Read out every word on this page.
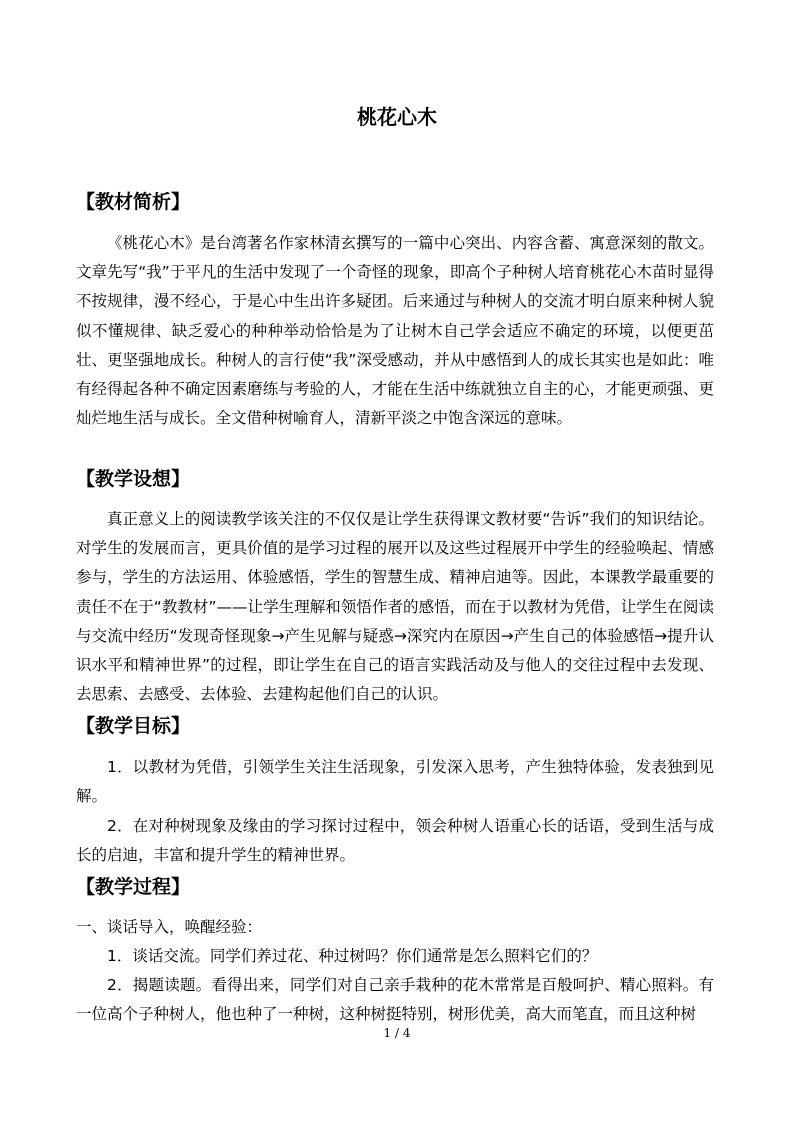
桃花心木
【教材简析】
《桃花心木》是台湾著名作家林清玄撰写的一篇中心突出、内容含蓄、寓意深刻的散文。文章先写“我”于平凡的生活中发现了一个奇怪的现象，即高个子种树人培育桃花心木苗时显得不按规律，漫不经心，于是心中生出许多疑团。后来通过与种树人的交流才明白原来种树人貌似不懂规律、缺乏爱心的种种举动恰恰是为了让树木自己学会适应不确定的环境，以便更茁壮、更坚强地成长。种树人的言行使“我”深受感动，并从中感悟到人的成长其实也是如此：唯有经得起各种不确定因素磨练与考验的人，才能在生活中练就独立自主的心，才能更顽强、更灿烂地生活与成长。全文借种树喻育人，清新平淡之中饱含深远的意味。
【教学设想】
真正意义上的阅读教学该关注的不仅仅是让学生获得课文教材要“告诉”我们的知识结论。对学生的发展而言，更具价值的是学习过程的展开以及这些过程展开中学生的经验唤起、情感参与，学生的方法运用、体验感悟，学生的智慧生成、精神启迪等。因此，本课教学最重要的责任不在于“教教材”——让学生理解和领悟作者的感悟，而在于以教材为凭借，让学生在阅读与交流中经历“发现奇怪现象→产生见解与疑惑→深究内在原因→产生自己的体验感悟→提升认识水平和精神世界”的过程，即让学生在自己的语言实践活动及与他人的交往过程中去发现、去思索、去感受、去体验、去建构起他们自己的认识。
【教学目标】
1．以教材为凭借，引领学生关注生活现象，引发深入思考，产生独特体验，发表独到见解。
2．在对种树现象及缘由的学习探讨过程中，领会种树人语重心长的话语，受到生活与成长的启迪，丰富和提升学生的精神世界。
【教学过程】
一、谈话导入，唤醒经验：
1．谈话交流。同学们养过花、种过树吗？你们通常是怎么照料它们的？
2．揭题读题。看得出来，同学们对自己亲手栽种的花木常常是百般呵护、精心照料。有一位高个子种树人，他也种了一种树，这种树挺特别，树形优美，高大而笔直，而且这种树
1 / 4
